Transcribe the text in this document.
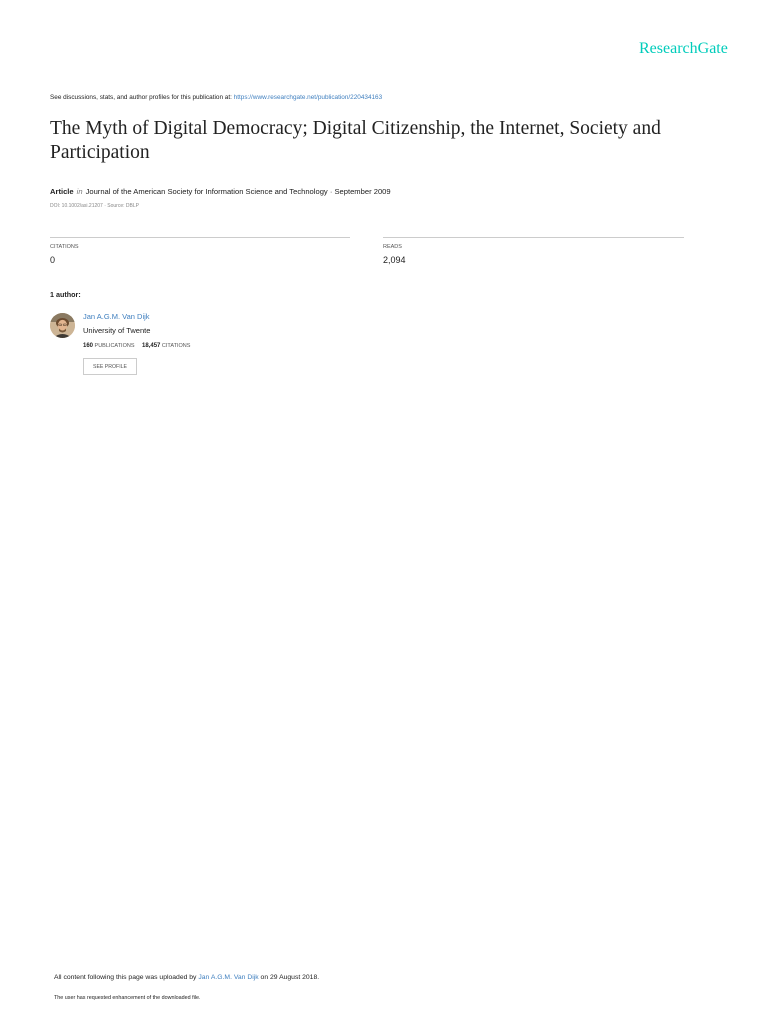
ResearchGate
See discussions, stats, and author profiles for this publication at: https://www.researchgate.net/publication/220434163
The Myth of Digital Democracy; Digital Citizenship, the Internet, Society and Participation
Article in Journal of the American Society for Information Science and Technology · September 2009
DOI: 10.1002/asi.21207 · Source: DBLP
CITATIONS
0
READS
2,094
1 author:
Jan A.G.M. Van Dijk
University of Twente
160 PUBLICATIONS 18,457 CITATIONS
SEE PROFILE
All content following this page was uploaded by Jan A.G.M. Van Dijk on 29 August 2018.
The user has requested enhancement of the downloaded file.
